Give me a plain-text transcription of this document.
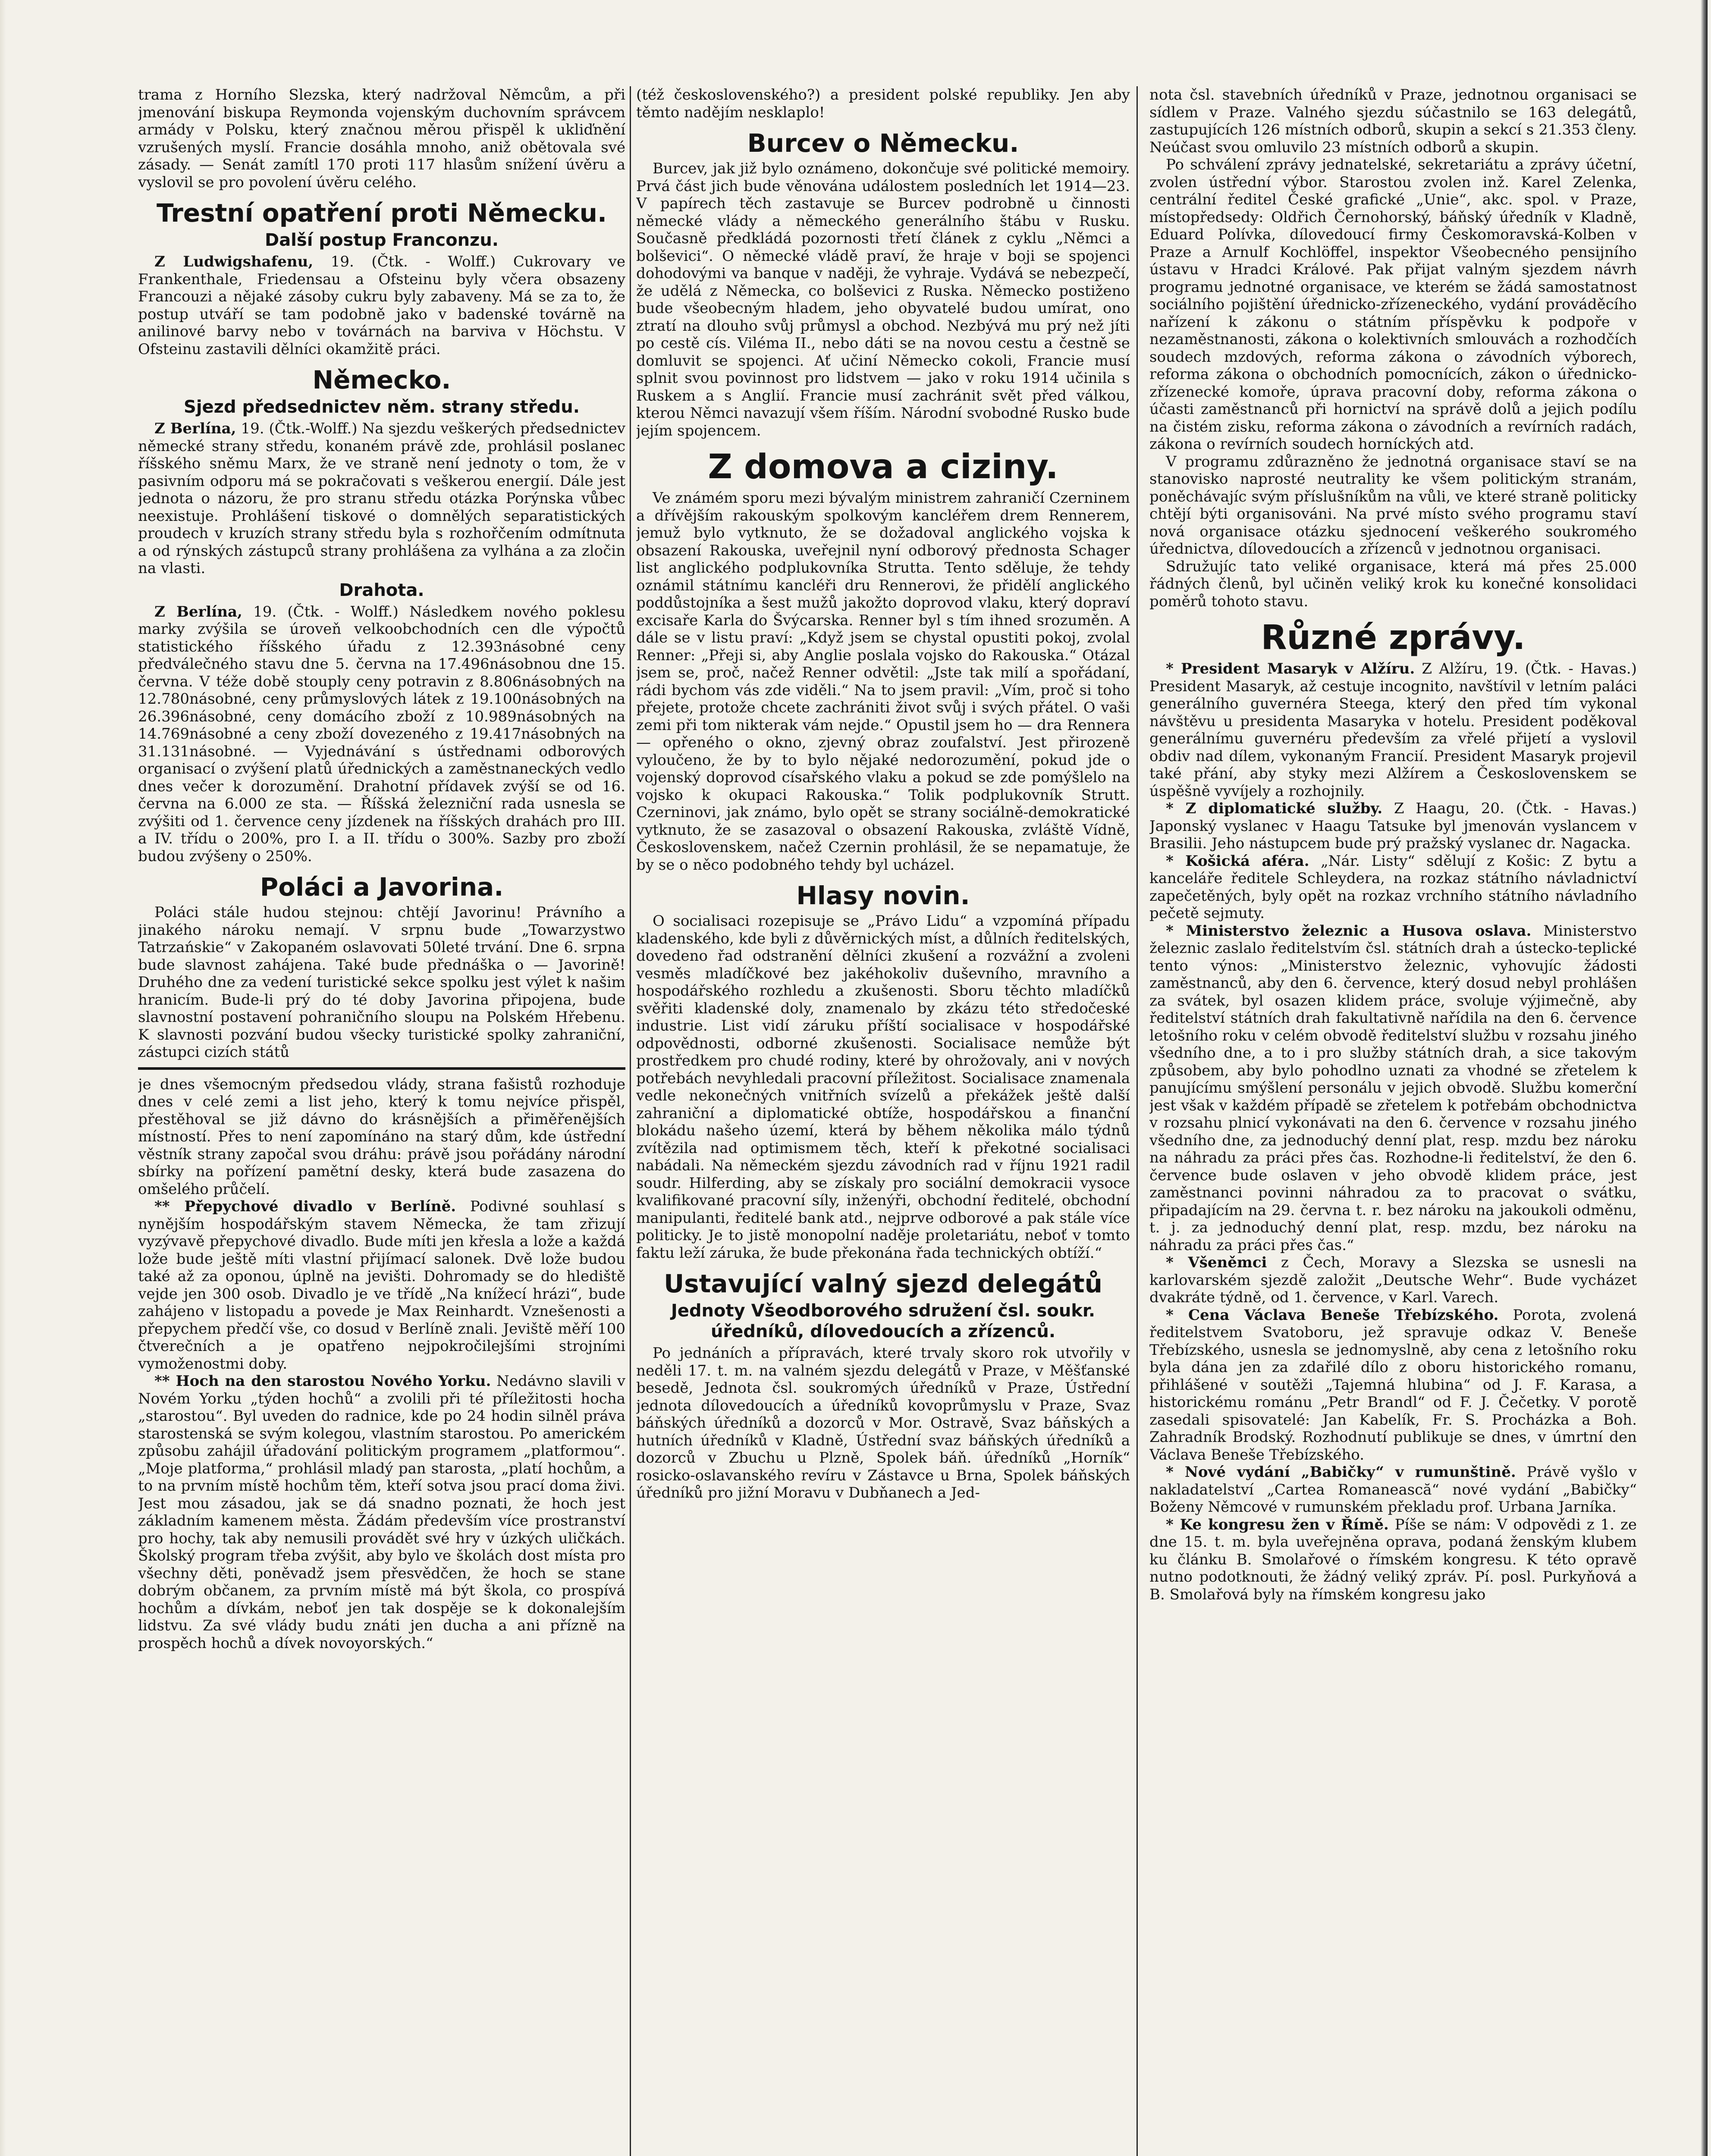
trama z Horního Slezska, který nadržoval Němcům, a při jmenování biskupa Reymonda vojenským duchovním správcem armády v Polsku, který značnou měrou přispěl k ukliďnění vzrušených myslí. Francie dosáhla mnoho, aniž obětovala své zásady. — Senát zamítl 170 proti 117 hlasům snížení úvěru a vyslovil se pro povolení úvěru celého.

Trestní opatření proti Německu.
Další postup Franconzu.

Z Ludwigshafenu, 19. (Čtk. - Wolff.) Cukrovary ve Frankenthale, Friedensau a Ofsteinu byly včera obsazeny Francouzi a nějaké zásoby cukru byly zabaveny. Má se za to, že postup utváří se tam podobně jako v badenské továrně na anilinové barvy nebo v továrnách na barviva v Höchstu. V Ofsteinu zastavili dělníci okamžitě práci.

Německo.
Sjezd předsednictev něm. strany středu.

Z Berlína, 19. (Čtk.-Wolff.) Na sjezdu veškerých předsednictev německé strany středu, konaném právě zde, prohlásil poslanec říšského sněmu Marx, že ve straně není jednoty o tom, že v pasivním odporu má se pokračovati s veškerou energií. Dále jest jednota o názoru, že pro stranu středu otázka Porýnska vůbec neexistuje. Prohlášení tiskové o domnělých separatistických proudech v kruzích strany středu byla s rozhořčením odmítnuta a od rýnských zástupců strany prohlášena za vylhána a za zločin na vlasti.

Drahota.

Z Berlína, 19. (Čtk. - Wolff.) Následkem nového poklesu marky zvýšila se úroveň velkoobchodních cen dle výpočtů statistického říšského úřadu z 12.393násobné ceny předválečného stavu dne 5. června na 17.496násobnou dne 15. června. V téže době stouply ceny potravin z 8.806násobných na 12.780násobné, ceny průmyslových látek z 19.100násobných na 26.396násobné, ceny domácího zboží z 10.989násobných na 14.769násobné a ceny zboží dovezeného z 19.417násobných na 31.131násobné. — Vyjednávání s ústřednami odborových organisací o zvýšení platů úřednických a zaměstnaneckých vedlo dnes večer k dorozumění. Drahotní přídavek zvýší se od 16. června na 6.000 ze sta. — Říšská železniční rada usnesla se zvýšiti od 1. července ceny jízdenek na říšských drahách pro III. a IV. třídu o 200%, pro I. a II. třídu o 300%. Sazby pro zboží budou zvýšeny o 250%.

Poláci a Javorina.

Poláci stále hudou stejnou: chtějí Javorinu! Právního a jinakého nároku nemají. V srpnu bude „Towarzystwo Tatrzańskie“ v Zakopaném oslavovati 50leté trvání. Dne 6. srpna bude slavnost zahájena. Také bude přednáška o — Javorině! Druhého dne za vedení turistické sekce spolku jest výlet k našim hranicím. Bude-li prý do té doby Javorina připojena, bude slavnostní postavení pohraničního sloupu na Polském Hřebenu. K slavnosti pozvání budou všecky turistické spolky zahraniční, zástupci cizích států

je dnes všemocným předsedou vlády, strana fašistů rozhoduje dnes v celé zemi a list jeho, který k tomu nejvíce přispěl, přestěhoval se již dávno do krásnějších a přiměřenějších místností. Přes to není zapomínáno na starý dům, kde ústřední věstník strany započal svou dráhu: právě jsou pořádány národní sbírky na pořízení pamětní desky, která bude zasazena do omšelého průčelí.

** Přepychové divadlo v Berlíně. Podivné souhlasí s nynějším hospodářským stavem Německa, že tam zřizují vyzývavě přepychové divadlo. Bude míti jen křesla a lože a každá lože bude ještě míti vlastní přijímací salonek. Dvě lože budou také až za oponou, úplně na jevišti. Dohromady se do hlediště vejde jen 300 osob. Divadlo je ve třídě „Na knížecí hrázi“, bude zahájeno v listopadu a povede je Max Reinhardt. Vznešenosti a přepychem předčí vše, co dosud v Berlíně znali. Jeviště měří 100 čtverečních a je opatřeno nejpokročilejšími strojními vymoženostmi doby.

** Hoch na den starostou Nového Yorku. Nedávno slavili v Novém Yorku „týden hochů“ a zvolili při té příležitosti hocha „starostou“. Byl uveden do radnice, kde po 24 hodin silněl práva starostenská se svým kolegou, vlastním starostou. Po americkém způsobu zahájil úřadování politickým programem „platformou“. „Moje platforma,“ prohlásil mladý pan starosta, „platí hochům, a to na prvním místě hochům těm, kteří sotva jsou prací doma živi. Jest mou zásadou, jak se dá snadno poznati, že hoch jest základním kamenem města. Žádám především více prostranství pro hochy, tak aby nemusili provádět své hry v úzkých uličkách. Školský program třeba zvýšit, aby bylo ve školách dost místa pro všechny děti, poněvadž jsem přesvědčen, že hoch se stane dobrým občanem, za prvním místě má být škola, co prospívá hochům a dívkám, neboť jen tak dospěje se k dokonalejším lidstvu. Za své vlády budu znáti jen ducha a ani přízně na prospěch hochů a dívek novoyorských.“

(též československého?) a president polské republiky. Jen aby těmto nadějím nesklaplo!

Burcev o Německu.

Burcev, jak již bylo oznámeno, dokončuje své politické memoiry. Prvá část jich bude věnována událostem posledních let 1914—23. V papírech těch zastavuje se Burcev podrobně u činnosti německé vlády a německého generálního štábu v Rusku. Současně předkládá pozornosti třetí článek z cyklu „Němci a bolševici“. O německé vládě praví, že hraje v boji se spojenci dohodovými va banque v naději, že vyhraje. Vydává se nebezpečí, že udělá z Německa, co bolševici z Ruska. Německo postiženo bude všeobecným hladem, jeho obyvatelé budou umírat, ono ztratí na dlouho svůj průmysl a obchod. Nezbývá mu prý než jíti po cestě cís. Viléma II., nebo dáti se na novou cestu a čestně se domluvit se spojenci. Ať učiní Německo cokoli, Francie musí splnit svou povinnost pro lidstvem — jako v roku 1914 učinila s Ruskem a s Anglií. Francie musí zachránit svět před válkou, kterou Němci navazují všem říším. Národní svobodné Rusko bude jejím spojencem.

Z domova a ciziny.

Ve známém sporu mezi bývalým ministrem zahraničí Czerninem a dřívějším rakouským spolkovým kancléřem drem Rennerem, jemuž bylo vytknuto, že se dožadoval anglického vojska k obsazení Rakouska, uveřejnil nyní odborový přednosta Schager list anglického podplukovníka Strutta. Tento sděluje, že tehdy oznámil státnímu kancléři dru Rennerovi, že přidělí anglického poddůstojníka a šest mužů jakožto doprovod vlaku, který dopraví excisaře Karla do Švýcarska. Renner byl s tím ihned srozuměn. A dále se v listu praví: „Když jsem se chystal opustiti pokoj, zvolal Renner: „Přeji si, aby Anglie poslala vojsko do Rakouska.“ Otázal jsem se, proč, načež Renner odvětil: „Jste tak milí a spořádaní, rádi bychom vás zde viděli.“ Na to jsem pravil: „Vím, proč si toho přejete, protože chcete zachrániti život svůj i svých přátel. O vaši zemi při tom nikterak vám nejde.“ Opustil jsem ho — dra Rennera — opřeného o okno, zjevný obraz zoufalství. Jest přirozeně vyloučeno, že by to bylo nějaké nedorozumění, pokud jde o vojenský doprovod císařského vlaku a pokud se zde pomýšlelo na vojsko k okupaci Rakouska.“ Tolik podplukovník Strutt. Czerninovi, jak známo, bylo opět se strany sociálně-demokratické vytknuto, že se zasazoval o obsazení Rakouska, zvláště Vídně, Československem, načež Czernin prohlásil, že se nepamatuje, že by se o něco podobného tehdy byl ucházel.

Hlasy novin.

O socialisaci rozepisuje se „Právo Lidu“ a vzpomíná případu kladenského, kde byli z důvěrnických míst, a důlních ředitelských, dovedeno řad odstranění dělníci zkušení a rozvážní a zvoleni vesměs mladíčkové bez jakéhokoliv duševního, mravního a hospodářského rozhledu a zkušenosti. Sboru těchto mladíčků svěřiti kladenské doly, znamenalo by zkázu této středočeské industrie. List vidí záruku příští socialisace v hospodářské odpovědnosti, odborné zkušenosti. Socialisace nemůže být prostředkem pro chudé rodiny, které by ohrožovaly, ani v nových potřebách nevyhledali pracovní příležitost. Socialisace znamenala vedle nekonečných vnitřních svízelů a překážek ještě další zahraniční a diplomatické obtíže, hospodářskou a finanční blokádu našeho území, která by během několika málo týdnů zvítězila nad optimismem těch, kteří k překotné socialisaci nabádali. Na německém sjezdu závodních rad v říjnu 1921 radil soudr. Hilferding, aby se získaly pro sociální demokracii vysoce kvalifikované pracovní síly, inženýři, obchodní ředitelé, obchodní manipulanti, ředitelé bank atd., nejprve odborové a pak stále více politicky. Je to jistě monopolní naděje proletariátu, neboť v tomto faktu leží záruka, že bude překonána řada technických obtíží.“

Ustavující valný sjezd delegátů
Jednoty Všeodborového sdružení čsl. soukr. úředníků, dílovedoucích a zřízenců.

Po jednáních a přípravách, které trvaly skoro rok utvořily v neděli 17. t. m. na valném sjezdu delegátů v Praze, v Měšťanské besedě, Jednota čsl. soukromých úředníků v Praze, Ústřední jednota dílovedoucích a úředníků kovoprůmyslu v Praze, Svaz báňských úředníků a dozorců v Mor. Ostravě, Svaz báňských a hutních úředníků v Kladně, Ústřední svaz báňských úředníků a dozorců v Zbuchu u Plzně, Spolek báň. úředníků „Horník“ rosicko-oslavanského revíru v Zástavce u Brna, Spolek báňských úředníků pro jižní Moravu v Dubňanech a Jed-

nota čsl. stavebních úředníků v Praze, jednotnou organisaci se sídlem v Praze. Valného sjezdu súčastnilo se 163 delegátů, zastupujících 126 místních odborů, skupin a sekcí s 21.353 členy. Neúčast svou omluvilo 23 místních odborů a skupin.

Po schválení zprávy jednatelské, sekretariátu a zprávy účetní, zvolen ústřední výbor. Starostou zvolen inž. Karel Zelenka, centrální ředitel České grafické „Unie“, akc. spol. v Praze, místopředsedy: Oldřich Černohorský, báňský úředník v Kladně, Eduard Polívka, dílovedoucí firmy Českomoravská-Kolben v Praze a Arnulf Kochlöffel, inspektor Všeobecného pensijního ústavu v Hradci Králové. Pak přijat valným sjezdem návrh programu jednotné organisace, ve kterém se žádá samostatnost sociálního pojištění úřednicko-zřízeneckého, vydání prováděcího nařízení k zákonu o státním příspěvku k podpoře v nezaměstnanosti, zákona o kolektivních smlouvách a rozhodčích soudech mzdových, reforma zákona o závodních výborech, reforma zákona o obchodních pomocnících, zákon o úřednicko-zřízenecké komoře, úprava pracovní doby, reforma zákona o účasti zaměstnanců při hornictví na správě dolů a jejich podílu na čistém zisku, reforma zákona o závodních a revírních radách, zákona o revírních soudech horníckých atd.

V programu zdůrazněno že jednotná organisace staví se na stanovisko naprosté neutrality ke všem politickým stranám, poněchávajíc svým příslušníkům na vůli, ve které straně politicky chtějí býti organisováni. Na prvé místo svého programu staví nová organisace otázku sjednocení veškerého soukromého úřednictva, dílovedoucích a zřízenců v jednotnou organisaci.

Sdružujíc tato veliké organisace, která má přes 25.000 řádných členů, byl učiněn veliký krok ku konečné konsolidaci poměrů tohoto stavu.

Různé zprávy.

* President Masaryk v Alžíru. Z Alžíru, 19. (Čtk. - Havas.) President Masaryk, až cestuje incognito, navštívil v letním paláci generálního guvernéra Steega, který den před tím vykonal návštěvu u presidenta Masaryka v hotelu. President poděkoval generálnímu guvernéru především za vřelé přijetí a vyslovil obdiv nad dílem, vykonaným Francií. President Masaryk projevil také přání, aby styky mezi Alžírem a Československem se úspěšně vyvíjely a rozhojnily.

* Z diplomatické služby. Z Haagu, 20. (Čtk. - Havas.) Japonský vyslanec v Haagu Tatsuke byl jmenován vyslancem v Brasilii. Jeho nástupcem bude prý pražský vyslanec dr. Nagacka.

* Košická aféra. „Nár. Listy“ sdělují z Košic: Z bytu a kanceláře ředitele Schleydera, na rozkaz státního návladnictví zapečetěných, byly opět na rozkaz vrchního státního návladního pečetě sejmuty.

* Ministerstvo železnic a Husova oslava. Ministerstvo železnic zaslalo ředitelstvím čsl. státních drah a ústecko-teplické tento výnos: „Ministerstvo železnic, vyhovujíc žádosti zaměstnanců, aby den 6. července, který dosud nebyl prohlášen za svátek, byl osazen klidem práce, svoluje výjimečně, aby ředitelství státních drah fakultativně nařídila na den 6. července letošního roku v celém obvodě ředitelství službu v rozsahu jiného všedního dne, a to i pro služby státních drah, a sice takovým způsobem, aby bylo pohodlno uznati za vhodné se zřetelem k panujícímu smýšlení personálu v jejich obvodě. Službu komerční jest však v každém případě se zřetelem k potřebám obchodnictva v rozsahu plnicí vykonávati na den 6. července v rozsahu jiného všedního dne, za jednoduchý denní plat, resp. mzdu bez nároku na náhradu za práci přes čas. Rozhodne-li ředitelství, že den 6. července bude oslaven v jeho obvodě klidem práce, jest zaměstnanci povinni náhradou za to pracovat o svátku, připadajícím na 29. června t. r. bez nároku na jakoukoli odměnu, t. j. za jednoduchý denní plat, resp. mzdu, bez nároku na náhradu za práci přes čas.“

* Všeněmci z Čech, Moravy a Slezska se usnesli na karlovarském sjezdě založit „Deutsche Wehr“. Bude vycházet dvakráte týdně, od 1. července, v Karl. Varech.

* Cena Václava Beneše Třebízského. Porota, zvolená ředitelstvem Svatoboru, jež spravuje odkaz V. Beneše Třebízského, usnesla se jednomyslně, aby cena z letošního roku byla dána jen za zdařilé dílo z oboru historického romanu, přihlášené v soutěži „Tajemná hlubina“ od J. F. Karasa, a historickému románu „Petr Brandl“ od F. J. Čečetky. V porotě zasedali spisovatelé: Jan Kabelík, Fr. S. Procházka a Boh. Zahradník Brodský. Rozhodnutí publikuje se dnes, v úmrtní den Václava Beneše Třebízského.

* Nové vydání „Babičky“ v rumunštině. Právě vyšlo v nakladatelství „Cartea Romanească“ nové vydání „Babičky“ Boženy Němcové v rumunském překladu prof. Urbana Jarníka.

* Ke kongresu žen v Římě. Píše se nám: V odpovědi z 1. ze dne 15. t. m. byla uveřejněna oprava, podaná ženským klubem ku článku B. Smolařové o římském kongresu. K této opravě nutno podotknouti, že žádný veliký zpráv. Pí. posl. Purkyňová a B. Smolařová byly na římském kongresu jako
